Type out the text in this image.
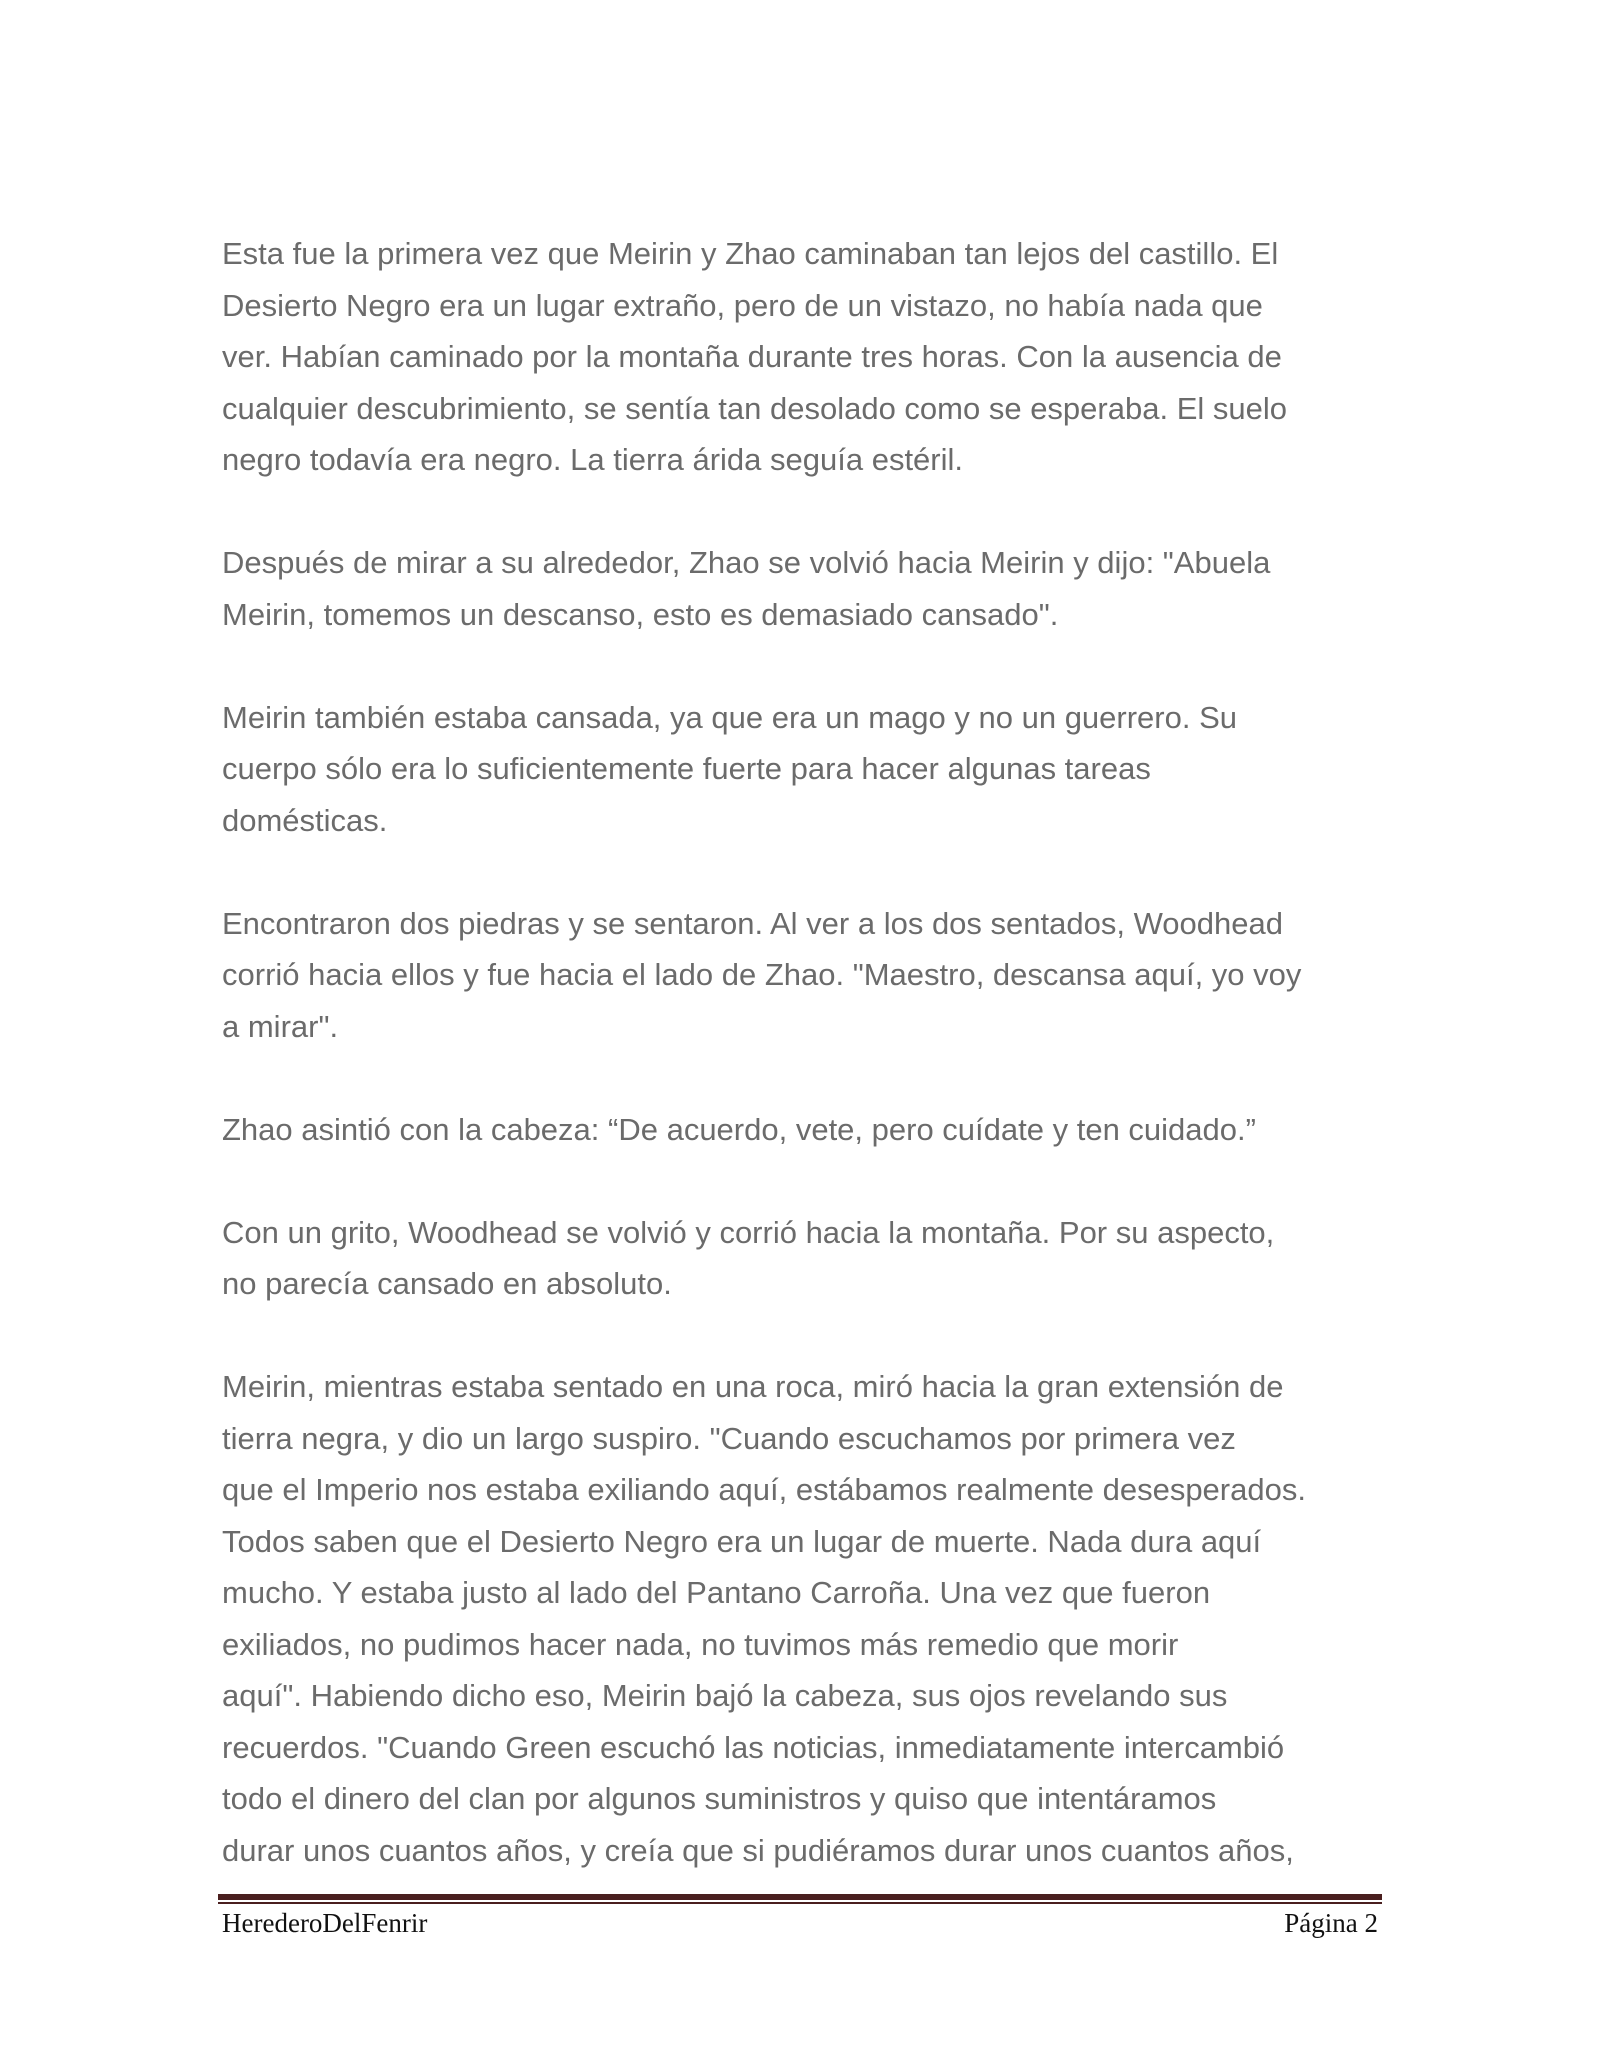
Esta fue la primera vez que Meirin y Zhao caminaban tan lejos del castillo. El
Desierto Negro era un lugar extraño, pero de un vistazo, no había nada que
ver. Habían caminado por la montaña durante tres horas. Con la ausencia de
cualquier descubrimiento, se sentía tan desolado como se esperaba. El suelo
negro todavía era negro. La tierra árida seguía estéril.

Después de mirar a su alrededor, Zhao se volvió hacia Meirin y dijo: "Abuela
Meirin, tomemos un descanso, esto es demasiado cansado".

Meirin también estaba cansada, ya que era un mago y no un guerrero. Su
cuerpo sólo era lo suficientemente fuerte para hacer algunas tareas
domésticas.

Encontraron dos piedras y se sentaron. Al ver a los dos sentados, Woodhead
corrió hacia ellos y fue hacia el lado de Zhao. "Maestro, descansa aquí, yo voy
a mirar".

Zhao asintió con la cabeza: “De acuerdo, vete, pero cuídate y ten cuidado.”

Con un grito, Woodhead se volvió y corrió hacia la montaña. Por su aspecto,
no parecía cansado en absoluto.

Meirin, mientras estaba sentado en una roca, miró hacia la gran extensión de
tierra negra, y dio un largo suspiro. "Cuando escuchamos por primera vez
que el Imperio nos estaba exiliando aquí, estábamos realmente desesperados.
Todos saben que el Desierto Negro era un lugar de muerte. Nada dura aquí
mucho. Y estaba justo al lado del Pantano Carroña. Una vez que fueron
exiliados, no pudimos hacer nada, no tuvimos más remedio que morir
aquí". Habiendo dicho eso, Meirin bajó la cabeza, sus ojos revelando sus
recuerdos. "Cuando Green escuchó las noticias, inmediatamente intercambió
todo el dinero del clan por algunos suministros y quiso que intentáramos
durar unos cuantos años, y creía que si pudiéramos durar unos cuantos años,

HerederoDelFenrir	Página 2
